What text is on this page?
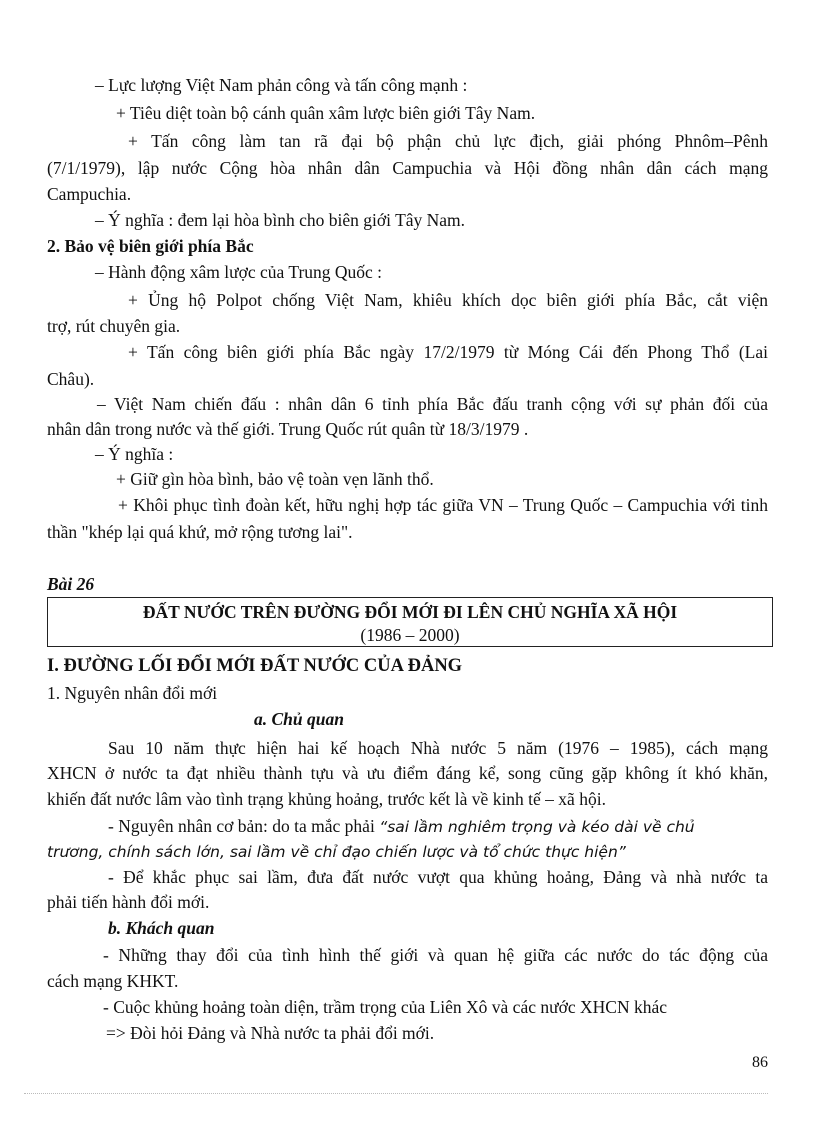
– Lực lượng Việt Nam phản công và tấn công mạnh :
+ Tiêu diệt toàn bộ cánh quân xâm lược biên giới Tây Nam.
+ Tấn công làm tan rã đại bộ phận chủ lực địch, giải phóng Phnôm–Pênh
(7/1/1979), lập nước Cộng hòa nhân dân Campuchia và Hội đồng nhân dân cách mạng
Campuchia.
– Ý nghĩa : đem lại hòa bình cho biên giới Tây Nam.
2. Bảo vệ biên giới phía Bắc
– Hành động xâm lược của Trung Quốc :
+ Ủng hộ Polpot chống Việt Nam, khiêu khích dọc biên giới phía Bắc, cắt viện
trợ, rút chuyên gia.
+ Tấn công biên giới phía Bắc ngày 17/2/1979 từ Móng Cái đến Phong Thổ (Lai
Châu).
– Việt Nam chiến đấu : nhân dân 6 tỉnh phía Bắc đấu tranh cộng với sự phản đối của
nhân dân trong nước và thế giới. Trung Quốc rút quân từ 18/3/1979 .
– Ý nghĩa :
+ Giữ gìn hòa bình, bảo vệ toàn vẹn lãnh thổ.
+ Khôi phục tình đoàn kết, hữu nghị hợp tác giữa VN – Trung Quốc – Campuchia với tinh
thần "khép lại quá khứ, mở rộng tương lai".
Bài 26
ĐẤT NƯỚC TRÊN ĐƯỜNG ĐỔI MỚI ĐI LÊN CHỦ NGHĨA XÃ HỘI
(1986 – 2000)
I. ĐƯỜNG LỐI ĐỔI MỚI ĐẤT NƯỚC CỦA ĐẢNG
1. Nguyên nhân đổi mới
a. Chủ quan
Sau 10 năm thực hiện hai kế hoạch Nhà nước 5 năm (1976 – 1985), cách mạng
XHCN ở nước ta đạt nhiều thành tựu và ưu điểm đáng kể, song cũng gặp không ít khó khăn,
khiến đất nước lâm vào tình trạng khủng hoảng, trước kết là về kinh tế – xã hội.
- Nguyên nhân cơ bản: do ta mắc phải “sai lầm nghiêm trọng và kéo dài về chủ
trương, chính sách lớn, sai lầm về chỉ đạo chiến lược và tổ chức thực hiện”
- Để khắc phục sai lầm, đưa đất nước vượt qua khủng hoảng, Đảng và nhà nước ta
phải tiến hành đổi mới.
b. Khách quan
- Những thay đổi của tình hình thế giới và quan hệ giữa các nước do tác động của
cách mạng KHKT.
- Cuộc khủng hoảng toàn diện, trầm trọng của Liên Xô và các nước XHCN khác
=> Đòi hỏi Đảng và Nhà nước ta phải đổi mới.
86
